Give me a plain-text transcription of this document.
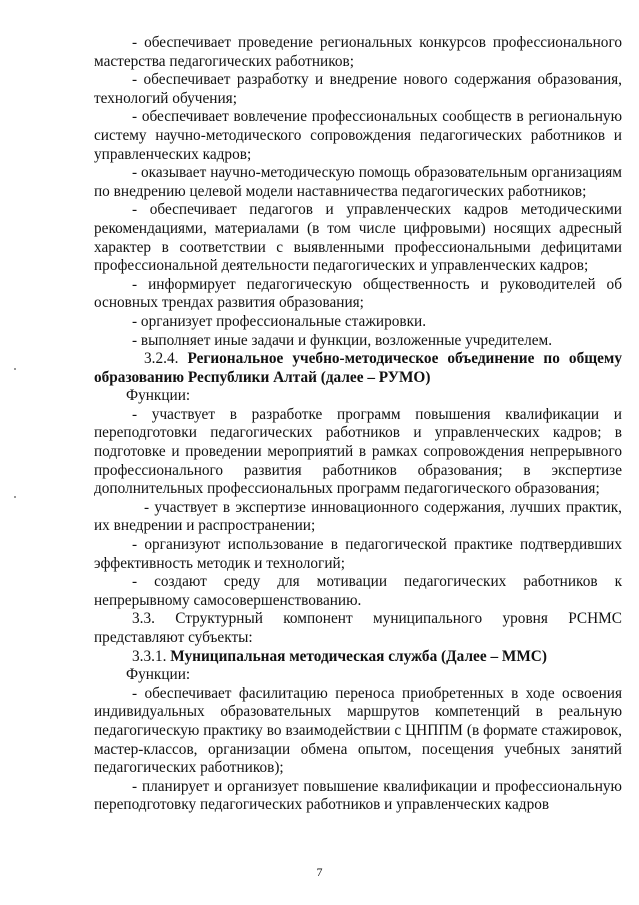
- обеспечивает проведение региональных конкурсов профессионального мастерства педагогических работников;

- обеспечивает разработку и внедрение нового содержания образования, технологий обучения;

- обеспечивает вовлечение профессиональных сообществ в региональную систему научно-методического сопровождения педагогических работников и управленческих кадров;

- оказывает научно-методическую помощь образовательным организациям по внедрению целевой модели наставничества педагогических работников;

- обеспечивает педагогов и управленческих кадров методическими рекомендациями, материалами (в том числе цифровыми) носящих адресный характер в соответствии с выявленными профессиональными дефицитами профессиональной деятельности педагогических и управленческих кадров;

- информирует педагогическую общественность и руководителей об основных трендах развития образования;

- организует профессиональные стажировки.

- выполняет иные задачи и функции, возложенные учредителем.

3.2.4. Региональное учебно-методическое объединение по общему образованию Республики Алтай (далее – РУМО)

Функции:

- участвует в разработке программ повышения квалификации и переподготовки педагогических работников и управленческих кадров; в подготовке и проведении мероприятий в рамках сопровождения непрерывного профессионального развития работников образования; в экспертизе дополнительных профессиональных программ педагогического образования;

- участвует в экспертизе инновационного содержания, лучших практик, их внедрении и распространении;

- организуют использование в педагогической практике подтвердивших эффективность методик и технологий;

- создают среду для мотивации педагогических работников к непрерывному самосовершенствованию.

3.3. Структурный компонент муниципального уровня РСНМС представляют субъекты:

3.3.1. Муниципальная методическая служба (Далее – ММС)

Функции:

- обеспечивает фасилитацию переноса приобретенных в ходе освоения индивидуальных образовательных маршрутов компетенций в реальную педагогическую практику во взаимодействии с ЦНППМ (в формате стажировок, мастер-классов, организации обмена опытом, посещения учебных занятий педагогических работников);

- планирует и организует повышение квалификации и профессиональную переподготовку педагогических работников и управленческих кадров

7
